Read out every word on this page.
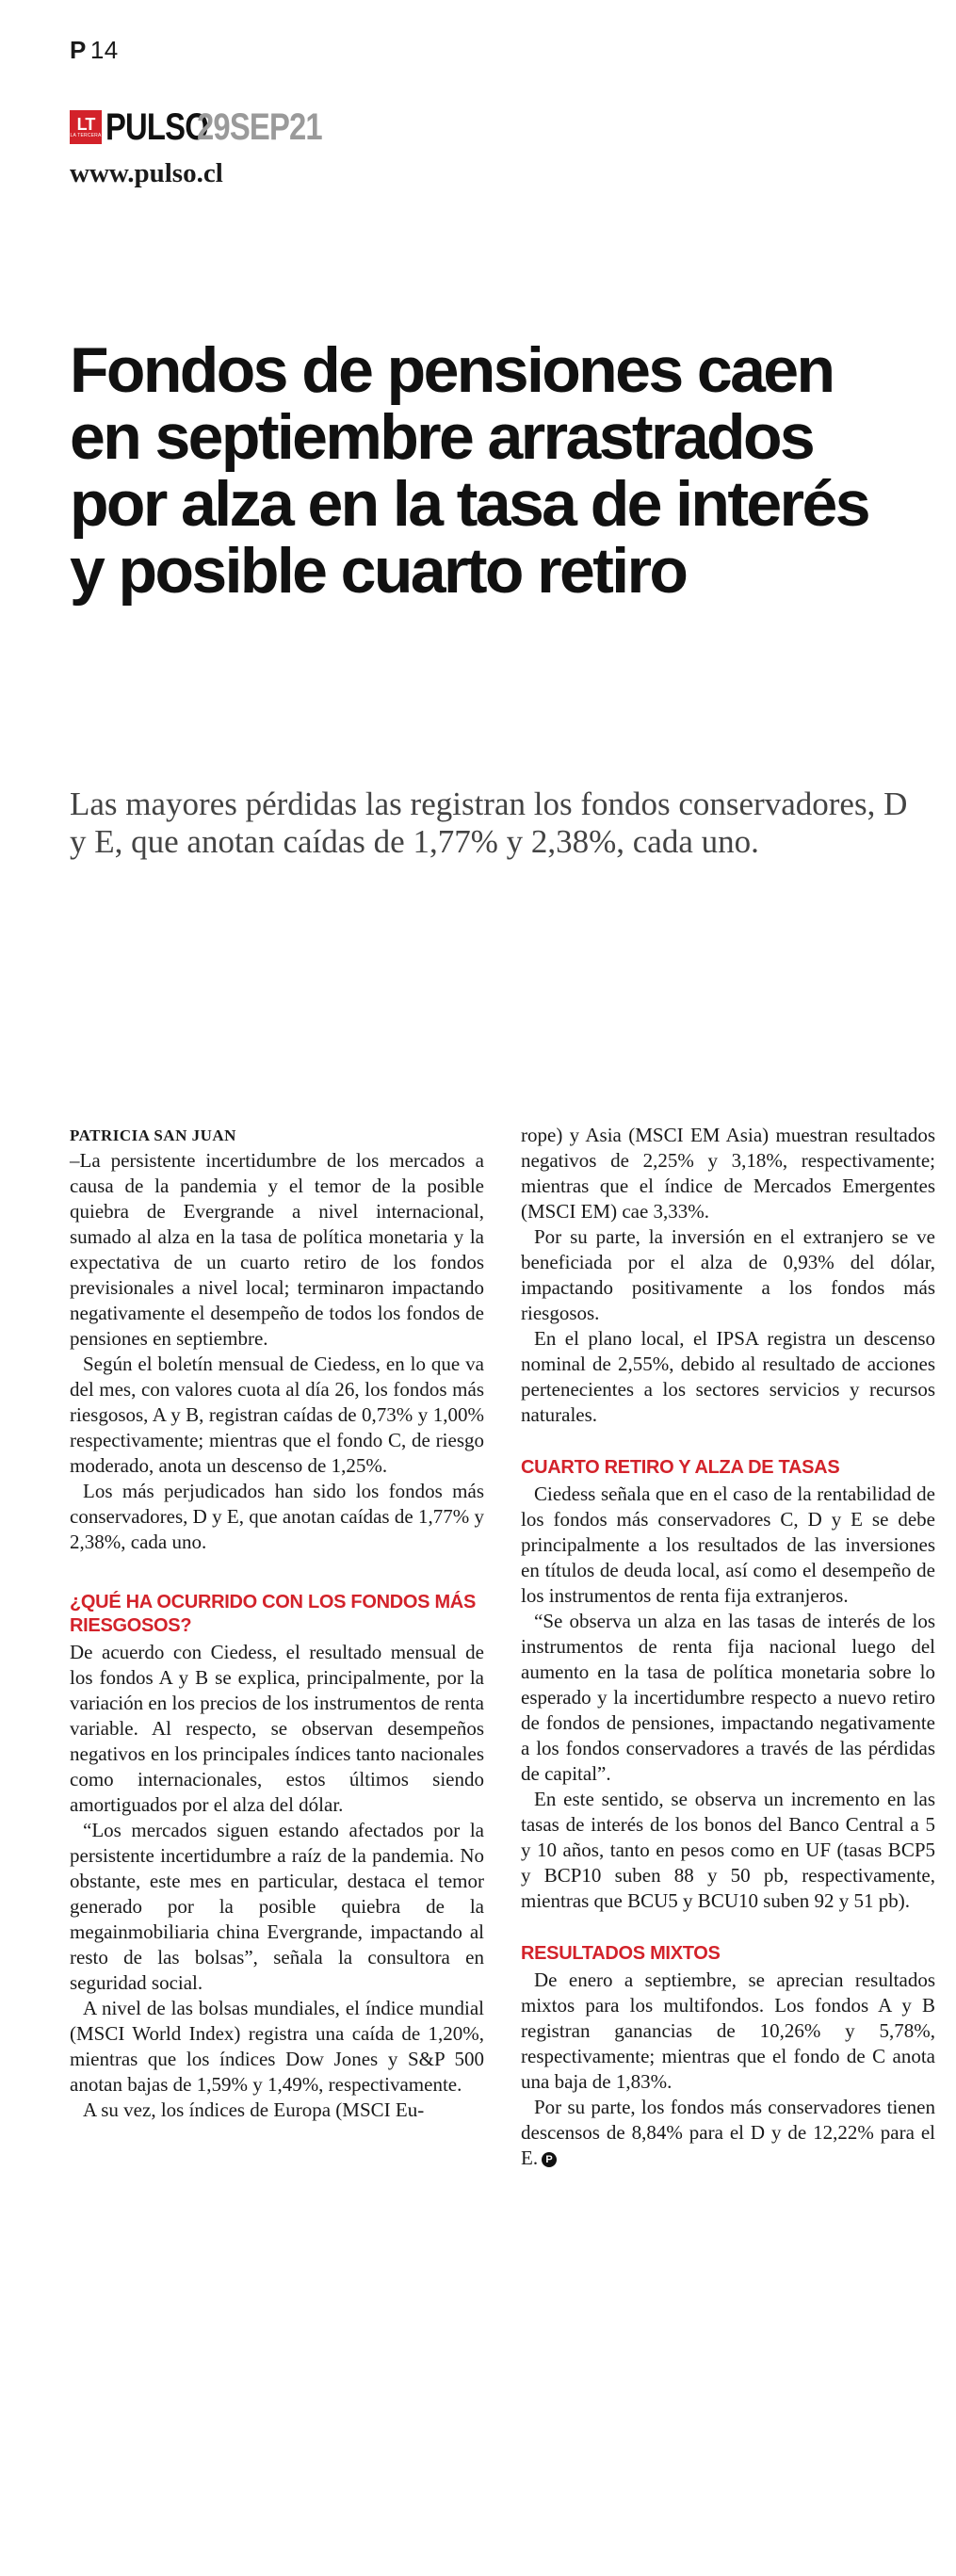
P 14
LT
LA TERCERA PULSO
29SEP21
www.pulso.cl
Fondos de pensiones caen en septiembre arrastrados por alza en la tasa de interés y posible cuarto retiro

Las mayores pérdidas las registran los fondos conservadores, D y E, que anotan caídas de 1,77% y 2,38%, cada uno.

PATRICIA SAN JUAN

–La persistente incertidumbre de los mercados a causa de la pandemia y el temor de la posible quiebra de Evergrande a nivel internacional, sumado al alza en la tasa de política monetaria y la expectativa de un cuarto retiro de los fondos previsionales a nivel local; terminaron impactando negativamente el desempeño de todos los fondos de pensiones en septiembre.

Según el boletín mensual de Ciedess, en lo que va del mes, con valores cuota al día 26, los fondos más riesgosos, A y B, registran caídas de 0,73% y 1,00% respectivamente; mientras que el fondo C, de riesgo moderado, anota un descenso de 1,25%.

Los más perjudicados han sido los fondos más conservadores, D y E, que anotan caídas de 1,77% y 2,38%, cada uno.

¿QUÉ HA OCURRIDO CON LOS FONDOS MÁS RIESGOSOS?

De acuerdo con Ciedess, el resultado mensual de los fondos A y B se explica, principalmente, por la variación en los precios de los instrumentos de renta variable. Al respecto, se observan desempeños negativos en los principales índices tanto nacionales como internacionales, estos últimos siendo amortiguados por el alza del dólar.

“Los mercados siguen estando afectados por la persistente incertidumbre a raíz de la pandemia. No obstante, este mes en particular, destaca el temor generado por la posible quiebra de la megainmobiliaria china Evergrande, impactando al resto de las bolsas”, señala la consultora en seguridad social.

A nivel de las bolsas mundiales, el índice mundial (MSCI World Index) registra una caída de 1,20%, mientras que los índices Dow Jones y S&P 500 anotan bajas de 1,59% y 1,49%, respectivamente.

A su vez, los índices de Europa (MSCI Eu-

rope) y Asia (MSCI EM Asia) muestran resultados negativos de 2,25% y 3,18%, respectivamente; mientras que el índice de Mercados Emergentes (MSCI EM) cae 3,33%.

Por su parte, la inversión en el extranjero se ve beneficiada por el alza de 0,93% del dólar, impactando positivamente a los fondos más riesgosos.

En el plano local, el IPSA registra un descenso nominal de 2,55%, debido al resultado de acciones pertenecientes a los sectores servicios y recursos naturales.

CUARTO RETIRO Y ALZA DE TASAS

Ciedess señala que en el caso de la rentabilidad de los fondos más conservadores C, D y E se debe principalmente a los resultados de las inversiones en títulos de deuda local, así como el desempeño de los instrumentos de renta fija extranjeros.

“Se observa un alza en las tasas de interés de los instrumentos de renta fija nacional luego del aumento en la tasa de política monetaria sobre lo esperado y la incertidumbre respecto a nuevo retiro de fondos de pensiones, impactando negativamente a los fondos conservadores a través de las pérdidas de capital”.

En este sentido, se observa un incremento en las tasas de interés de los bonos del Banco Central a 5 y 10 años, tanto en pesos como en UF (tasas BCP5 y BCP10 suben 88 y 50 pb, respectivamente, mientras que BCU5 y BCU10 suben 92 y 51 pb).

RESULTADOS MIXTOS

De enero a septiembre, se aprecian resultados mixtos para los multifondos. Los fondos A y B registran ganancias de 10,26% y 5,78%, respectivamente; mientras que el fondo de C anota una baja de 1,83%.

Por su parte, los fondos más conservadores tienen descensos de 8,84% para el D y de 12,22% para el E. P
